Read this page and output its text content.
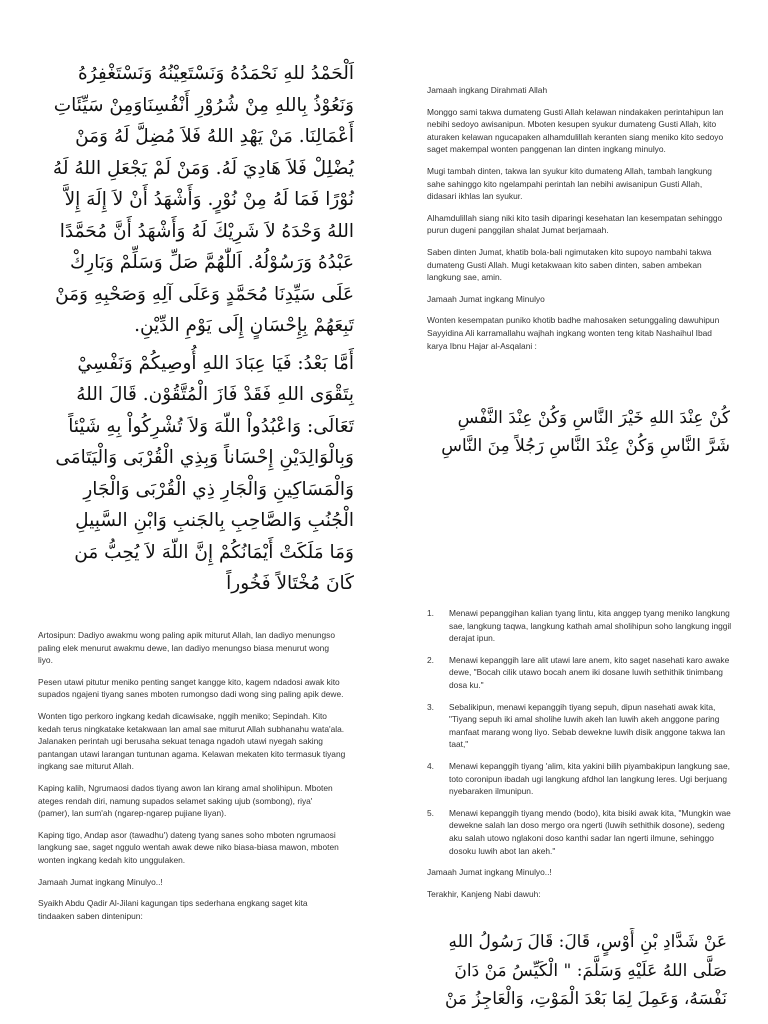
اَلْحَمْدُ للهِ نَحْمَدُهُ وَنَسْتَعِيْنُهُ وَنَسْتَغْفِرُهُ وَنَعُوْذُ بِاللهِ مِنْ شُرُوْرِ أَنْفُسِنَاوَمِنْ سَيِّئَاتِ أَعْمَالِنَا. مَنْ يَهْدِ اللهُ فَلاَ مُضِلَّ لَهُ وَمَنْ يُضْلِلْ فَلاَ هَادِيَ لَهُ. وَمَنْ لَمْ يَجْعَلِ اللهُ لَهُ نُوْرًا فَمَا لَهُ مِنْ نُوْرٍ. وَأَشْهَدُ أَنْ لاَ إِلَهَ إِلاَّ اللهُ وَحْدَهُ لاَ شَرِيْكَ لَهُ وَأَشْهَدُ أَنَّ مُحَمَّدًا عَبْدُهُ وَرَسُوْلُهُ. اَللّٰهُمَّ صَلِّ وَسَلِّمْ وَبَارِكْ عَلَى سَيِّدِنَا مُحَمَّدٍ وَعَلَى آلِهِ وَصَحْبِهِ وَمَنْ تَبِعَهُمْ بِإِحْسَانٍ إِلَى يَوْمِ الدِّيْنِ.

أَمَّا بَعْدُ: فَيَا عِبَادَ اللهِ أُوصِيكُمْ وَنَفْسِيْ بِتَقْوَى اللهِ فَقَدْ فَازَ الْمُتَّقُوْن. قَالَ اللهُ تَعَالَى: وَاعْبُدُواْ اللّهَ وَلاَ تُشْرِكُواْ بِهِ شَيْئاً وَبِالْوَالِدَيْنِ إِحْسَاناً وَبِذِي الْقُرْبَى وَالْيَتَامَى وَالْمَسَاكِينِ وَالْجَارِ ذِي الْقُرْبَى وَالْجَارِ الْجُنُبِ وَالصَّاحِبِ بِالجَنبِ وَابْنِ السَّبِيلِ وَمَا مَلَكَتْ أَيْمَانُكُمْ إِنَّ اللّهَ لاَ يُحِبُّ مَن كَانَ مُخْتَالاً فَخُوراً

Jamaah ingkang Dirahmati Allah

Monggo sami takwa dumateng Gusti Allah kelawan nindakaken perintahipun lan nebihi sedoyo awisanipun. Mboten kesupen syukur dumateng Gusti Allah, kito aturaken kelawan ngucapaken alhamdulillah keranten siang meniko kito sedoyo saget makempal wonten panggenan lan dinten ingkang minulyo.

Mugi tambah dinten, takwa lan syukur kito dumateng Allah, tambah langkung sahe sahinggo kito ngelampahi perintah lan nebihi awisanipun Gusti Allah, didasari ikhlas lan syukur.

Alhamdulillah siang niki kito tasih diparingi kesehatan lan kesempatan sehinggo purun dugeni panggilan shalat Jumat berjamaah.

Saben dinten Jumat, khatib bola-bali ngimutaken kito supoyo nambahi takwa dumateng Gusti Allah. Mugi ketakwaan kito saben dinten, saben ambekan langkung sae, amin.

Jamaah Jumat ingkang Minulyo

Wonten kesempatan puniko khotib badhe mahosaken setunggaling dawuhipun Sayyidina Ali karramallahu wajhah ingkang wonten teng kitab Nashaihul Ibad karya Ibnu Hajar al-Asqalani :

كُنْ عِنْدَ اللهِ خَيْرَ النَّاسِ وَكُنْ عِنْدَ النَّفْسِ شَرَّ النَّاسِ وَكُنْ عِنْدَ النَّاسِ رَجُلاً مِنَ النَّاسِ

Artosipun: Dadiyo awakmu wong paling apik miturut Allah, lan dadiyo menungso paling elek menurut awakmu dewe, lan dadiyo menungso biasa menurut wong liyo.

Pesen utawi pitutur meniko penting sanget kangge kito, kagem ndadosi awak kito supados ngajeni tiyang sanes mboten rumongso dadi wong sing paling apik dewe.

Wonten tigo perkoro ingkang kedah dicawisake, nggih meniko; Sepindah. Kito kedah terus ningkatake ketakwaan lan amal sae miturut Allah subhanahu wata'ala. Jalanaken perintah ugi berusaha sekuat tenaga ngadoh utawi nyegah saking pantangan utawi larangan tuntunan agama. Kelawan mekaten kito termasuk tiyang ingkang sae miturut Allah.

Kaping kalih, Ngrumaosi dados tiyang awon lan kirang amal sholihipun. Mboten ateges rendah diri, namung supados selamet saking ujub (sombong), riya' (pamer), lan sum'ah (ngarep-ngarep pujiane liyan).

Kaping tigo, Andap asor (tawadhu') dateng tyang sanes soho mboten ngrumaosi langkung sae, saget nggulo wentah awak dewe niko biasa-biasa mawon, mboten wonten ingkang kedah kito unggulaken.

Jamaah Jumat ingkang Minulyo..!

Syaikh Abdu Qadir Al-Jilani kagungan tips sederhana engkang saget kita tindaaken saben dintenipun:

1. Menawi pepanggihan kalian tyang lintu, kita anggep tyang meniko langkung sae, langkung taqwa, langkung kathah amal sholihipun soho langkung inggil derajat ipun.
2. Menawi kepanggih lare alit utawi lare anem, kito saget nasehati karo awake dewe, "Bocah cilik utawo bocah anem iki dosane luwih sethithik tinimbang dosa ku."
3. Sebalikipun, menawi kepanggih tiyang sepuh, dipun nasehati awak kita, "Tiyang sepuh iki amal sholihe luwih akeh lan luwih akeh anggone paring manfaat marang wong liyo. Sebab dewekne luwih disik anggone takwa lan taat,"
4. Menawi kepanggih tiyang 'alim, kita yakini bilih piyambakipun langkung sae, toto coronipun ibadah ugi langkung afdhol lan langkung leres. Ugi berjuang nyebaraken ilmunipun.
5. Menawi kepanggih tiyang mendo (bodo), kita bisiki awak kita, "Mungkin wae dewekne salah lan doso mergo ora ngerti (luwih sethithik dosone), sedeng aku salah utowo nglakoni doso kanthi sadar lan ngerti ilmune, sehinggo dosoku luwih abot lan akeh."

Jamaah Jumat ingkang Minulyo..!

Terakhir, Kanjeng Nabi dawuh:

عَنْ شَدَّادِ بْنِ أَوْسٍ، قَالَ: قَالَ رَسُولُ اللهِ صَلَّى اللهُ عَلَيْهِ وَسَلَّمَ: " الْكَيِّسُ مَنْ دَانَ نَفْسَهُ، وَعَمِلَ لِمَا بَعْدَ الْمَوْتِ، وَالْعَاجِزُ مَنْ
